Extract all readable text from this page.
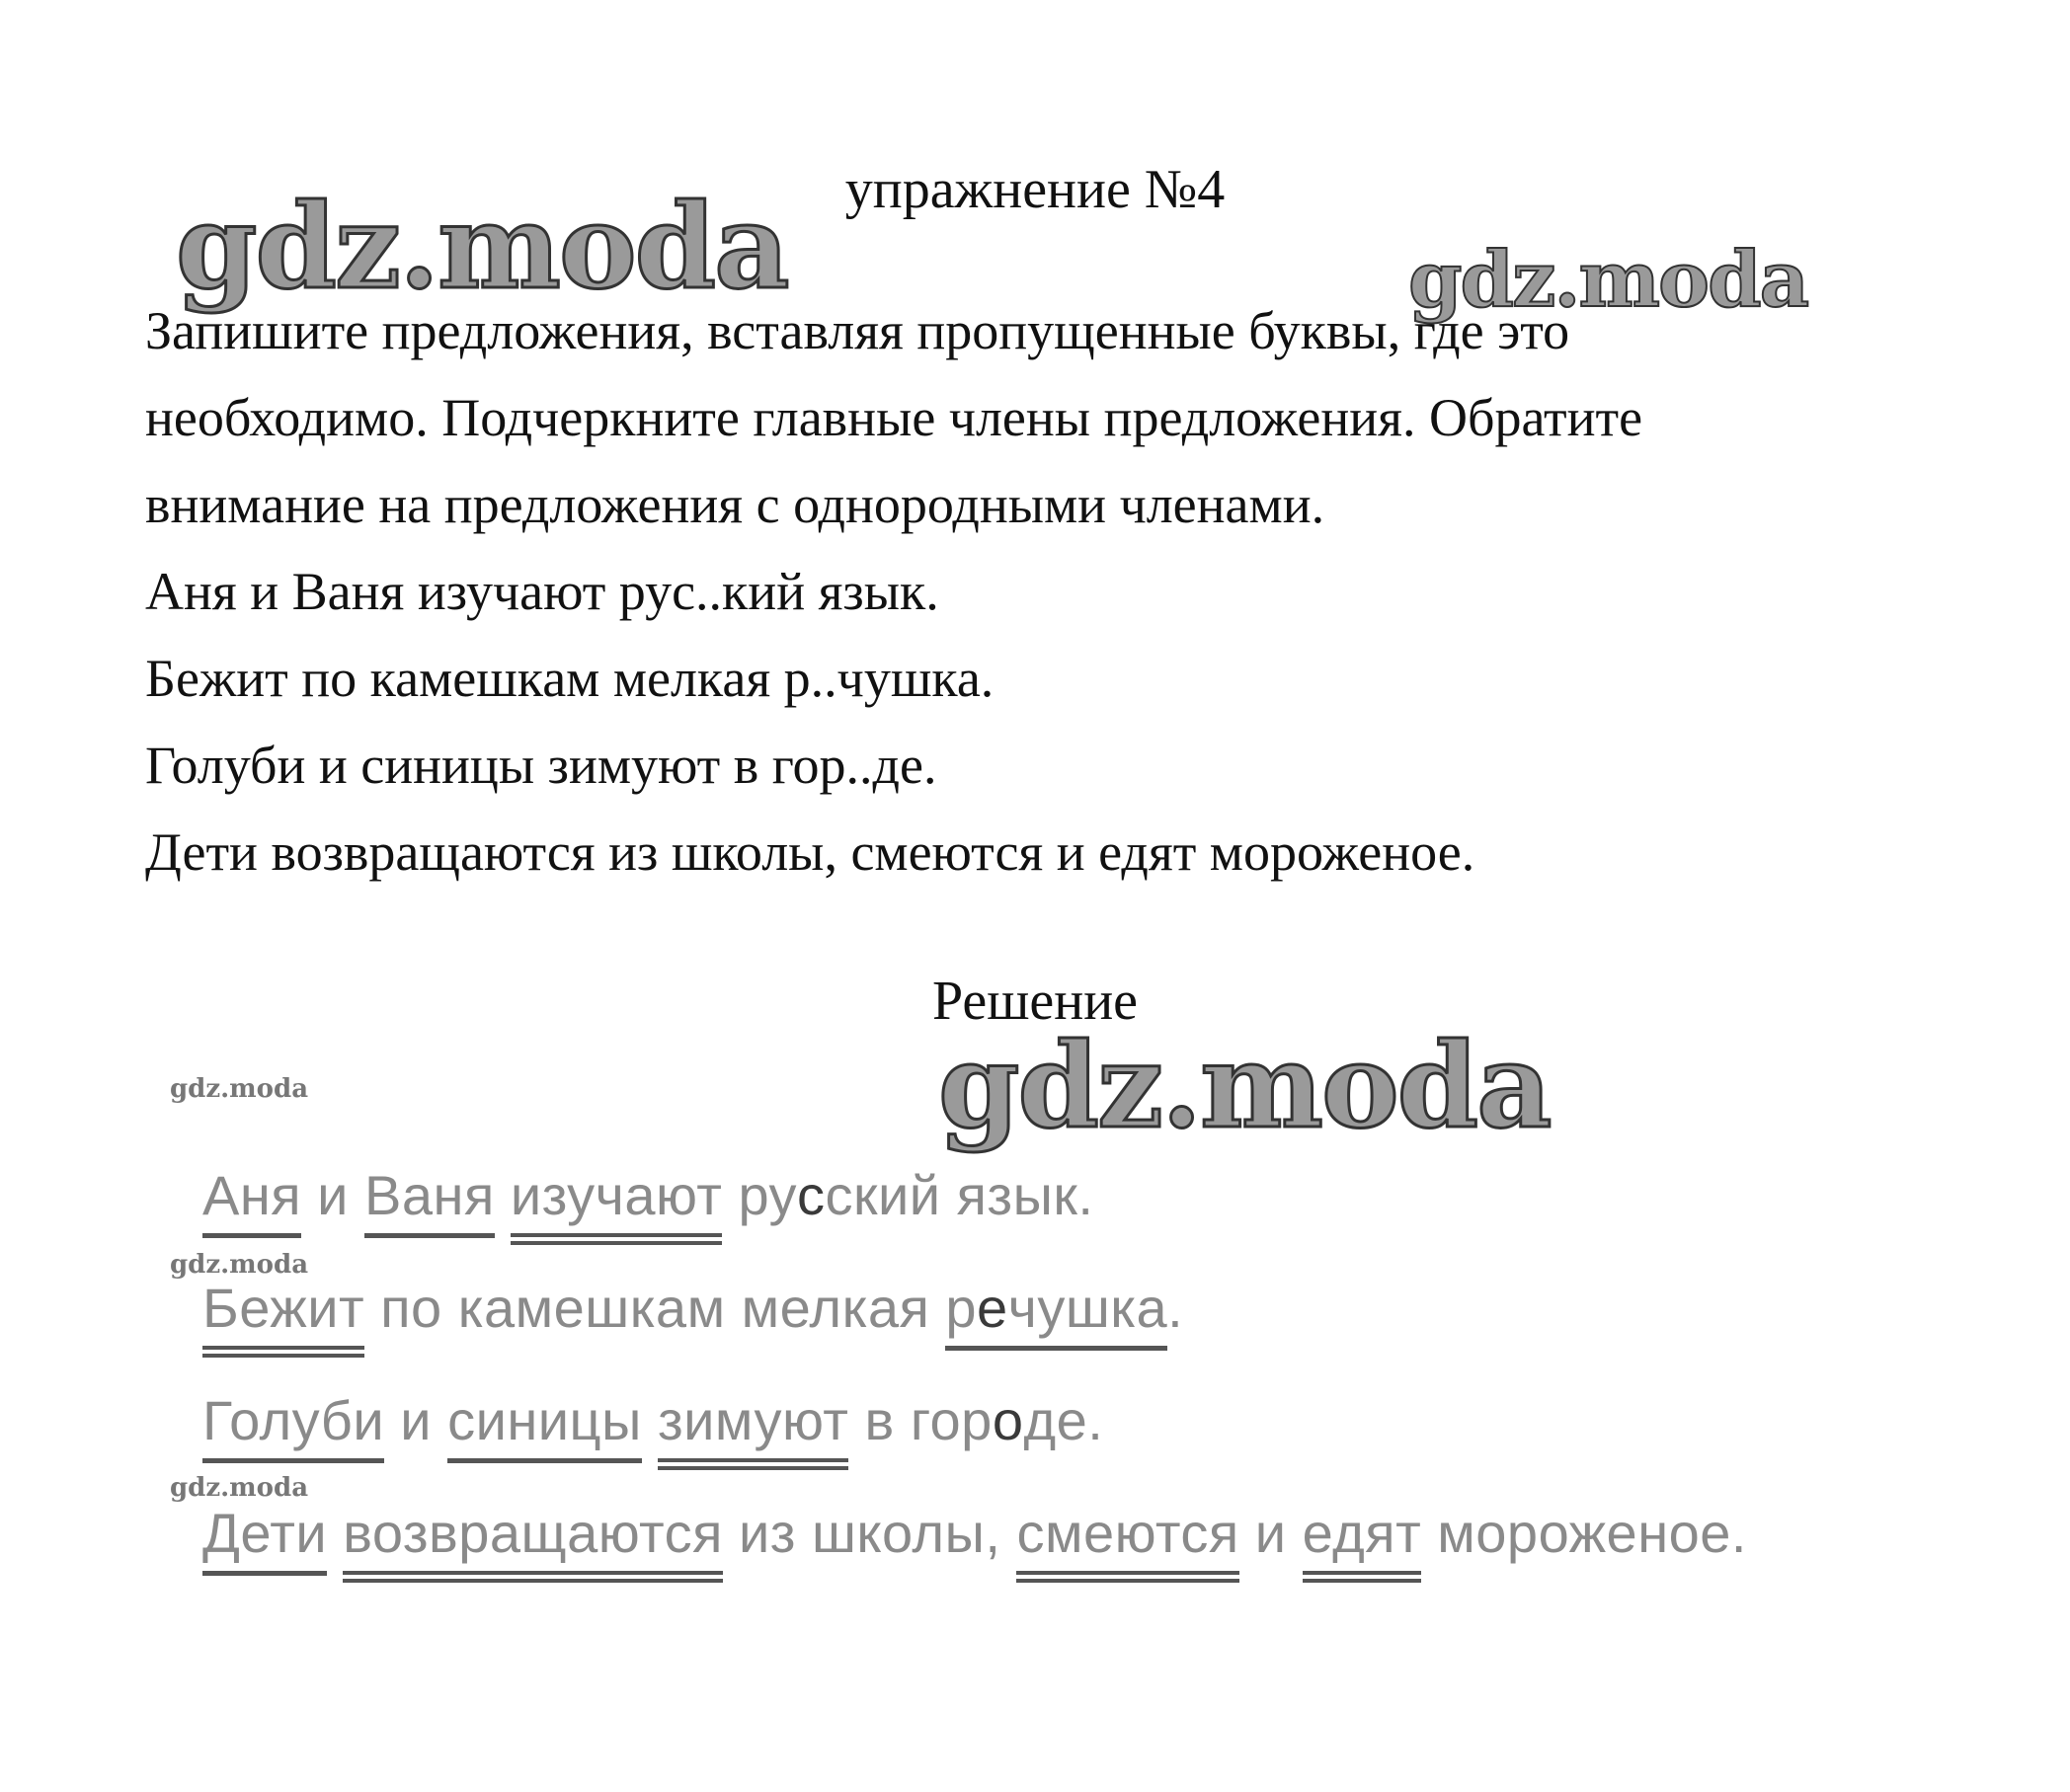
упражнение №4
gdz.moda	gdz.moda
Запишите предложения, вставляя пропущенные буквы, где это
необходимо. Подчеркните главные члены предложения. Обратите
внимание на предложения с однородными членами.
Аня и Ваня изучают рус..кий язык.
Бежит по камешкам мелкая р..чушка.
Голуби и синицы зимуют в гор..де.
Дети возвращаются из школы, смеются и едят мороженое.
Решение
gdz.moda
gdz.moda
gdz.moda
gdz.moda
Аня и Ваня изучают русский язык.
Бежит по камешкам мелкая речушка.
Голуби и синицы зимуют в городе.
Дети возвращаются из школы, смеются и едят мороженое.
